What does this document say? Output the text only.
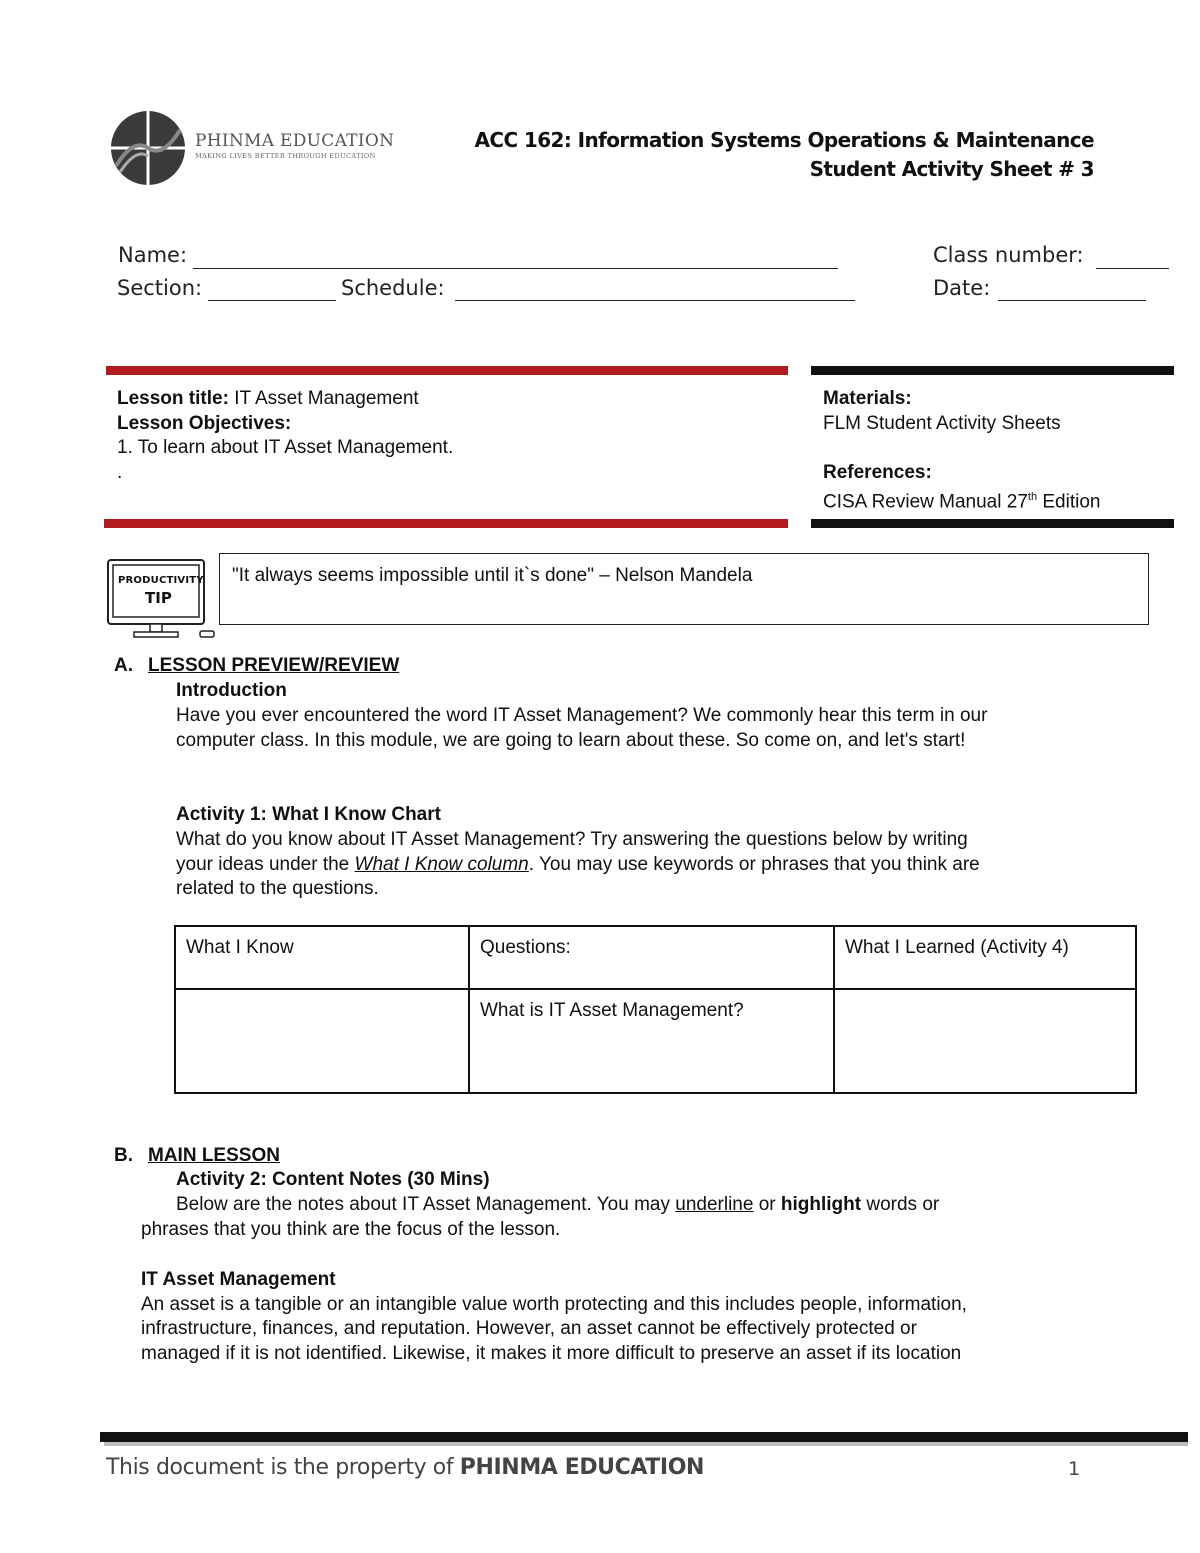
PHINMA EDUCATION
MAKING LIVES BETTER THROUGH EDUCATION
ACC 162: Information Systems Operations & Maintenance
Student Activity Sheet # 3
Name:	Class number:
Section:	Schedule:	Date:
Lesson title: IT Asset Management
Lesson Objectives:
1. To learn about IT Asset Management.
.
Materials:
FLM Student Activity Sheets
References:
CISA Review Manual 27th Edition
PRODUCTIVITY
TIP
"It always seems impossible until it`s done" – Nelson Mandela
A. LESSON PREVIEW/REVIEW
Introduction
Have you ever encountered the word IT Asset Management? We commonly hear this term in our
computer class. In this module, we are going to learn about these. So come on, and let's start!
Activity 1: What I Know Chart
What do you know about IT Asset Management? Try answering the questions below by writing
your ideas under the What I Know column. You may use keywords or phrases that you think are
related to the questions.
What I Know	Questions:	What I Learned (Activity 4)
	What is IT Asset Management?	
B. MAIN LESSON
Activity 2: Content Notes (30 Mins)
Below are the notes about IT Asset Management. You may underline or highlight words or
phrases that you think are the focus of the lesson.
IT Asset Management
An asset is a tangible or an intangible value worth protecting and this includes people, information,
infrastructure, finances, and reputation. However, an asset cannot be effectively protected or
managed if it is not identified. Likewise, it makes it more difficult to preserve an asset if its location
This document is the property of PHINMA EDUCATION	1
